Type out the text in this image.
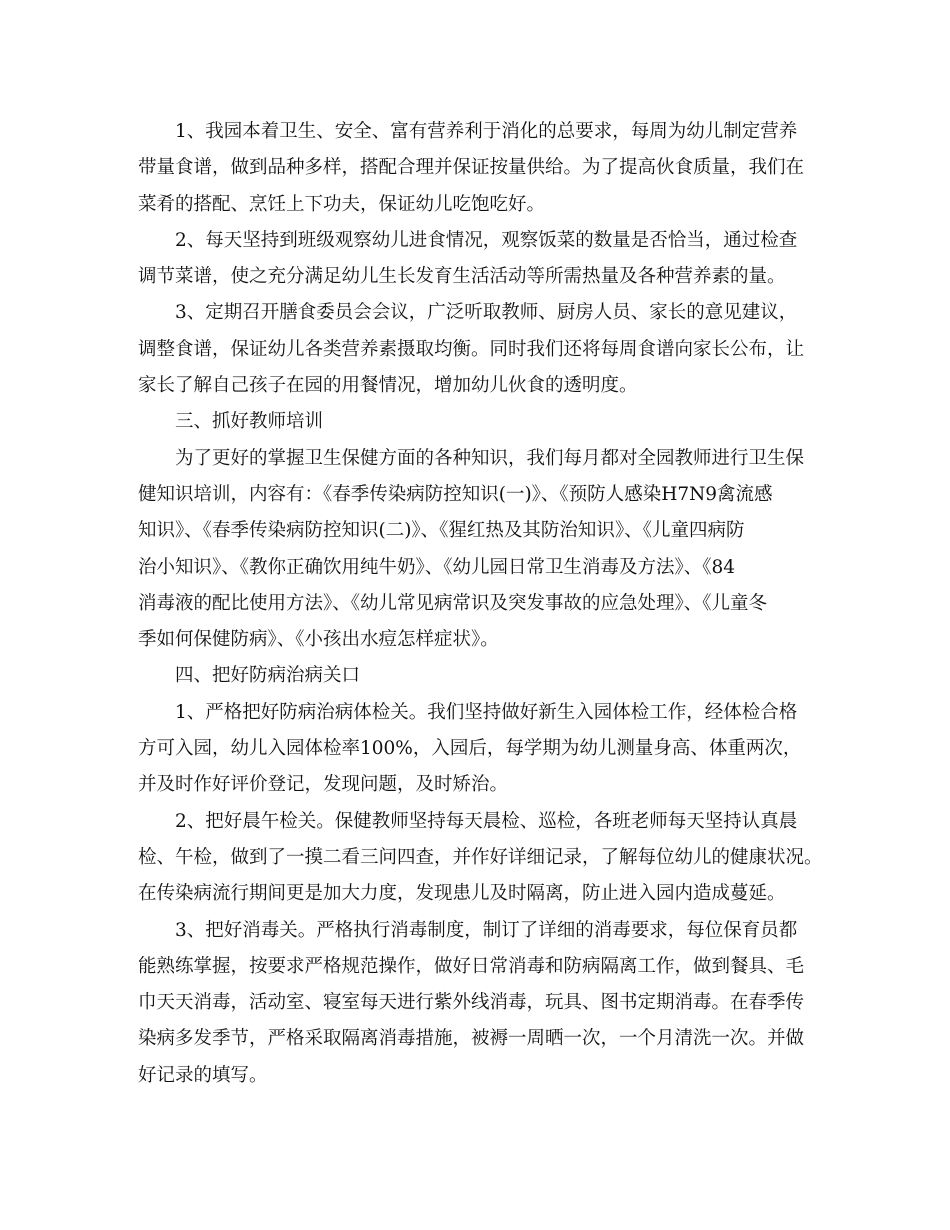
1、我园本着卫生、安全、富有营养利于消化的总要求，每周为幼儿制定营养
带量食谱，做到品种多样，搭配合理并保证按量供给。为了提高伙食质量，我们在
菜肴的搭配、烹饪上下功夫，保证幼儿吃饱吃好。
2、每天坚持到班级观察幼儿进食情况，观察饭菜的数量是否恰当，通过检查
调节菜谱，使之充分满足幼儿生长发育生活活动等所需热量及各种营养素的量。
3、定期召开膳食委员会会议，广泛听取教师、厨房人员、家长的意见建议，
调整食谱，保证幼儿各类营养素摄取均衡。同时我们还将每周食谱向家长公布，让
家长了解自己孩子在园的用餐情况，增加幼儿伙食的透明度。
三、抓好教师培训
为了更好的掌握卫生保健方面的各种知识，我们每月都对全园教师进行卫生保
健知识培训，内容有：《春季传染病防控知识(一)》、《预防人感染H7N9禽流感
知识》、《春季传染病防控知识(二)》、《猩红热及其防治知识》、《儿童四病防
治小知识》、《教你正确饮用纯牛奶》、《幼儿园日常卫生消毒及方法》、《84
消毒液的配比使用方法》、《幼儿常见病常识及突发事故的应急处理》、《儿童冬
季如何保健防病》、《小孩出水痘怎样症状》。
四、把好防病治病关口
1、严格把好防病治病体检关。我们坚持做好新生入园体检工作，经体检合格
方可入园，幼儿入园体检率100%，入园后，每学期为幼儿测量身高、体重两次，
并及时作好评价登记，发现问题，及时矫治。
2、把好晨午检关。保健教师坚持每天晨检、巡检，各班老师每天坚持认真晨
检、午检，做到了一摸二看三问四查，并作好详细记录，了解每位幼儿的健康状况。
在传染病流行期间更是加大力度，发现患儿及时隔离，防止进入园内造成蔓延。
3、把好消毒关。严格执行消毒制度，制订了详细的消毒要求，每位保育员都
能熟练掌握，按要求严格规范操作，做好日常消毒和防病隔离工作，做到餐具、毛
巾天天消毒，活动室、寝室每天进行紫外线消毒，玩具、图书定期消毒。在春季传
染病多发季节，严格采取隔离消毒措施，被褥一周晒一次，一个月清洗一次。并做
好记录的填写。
